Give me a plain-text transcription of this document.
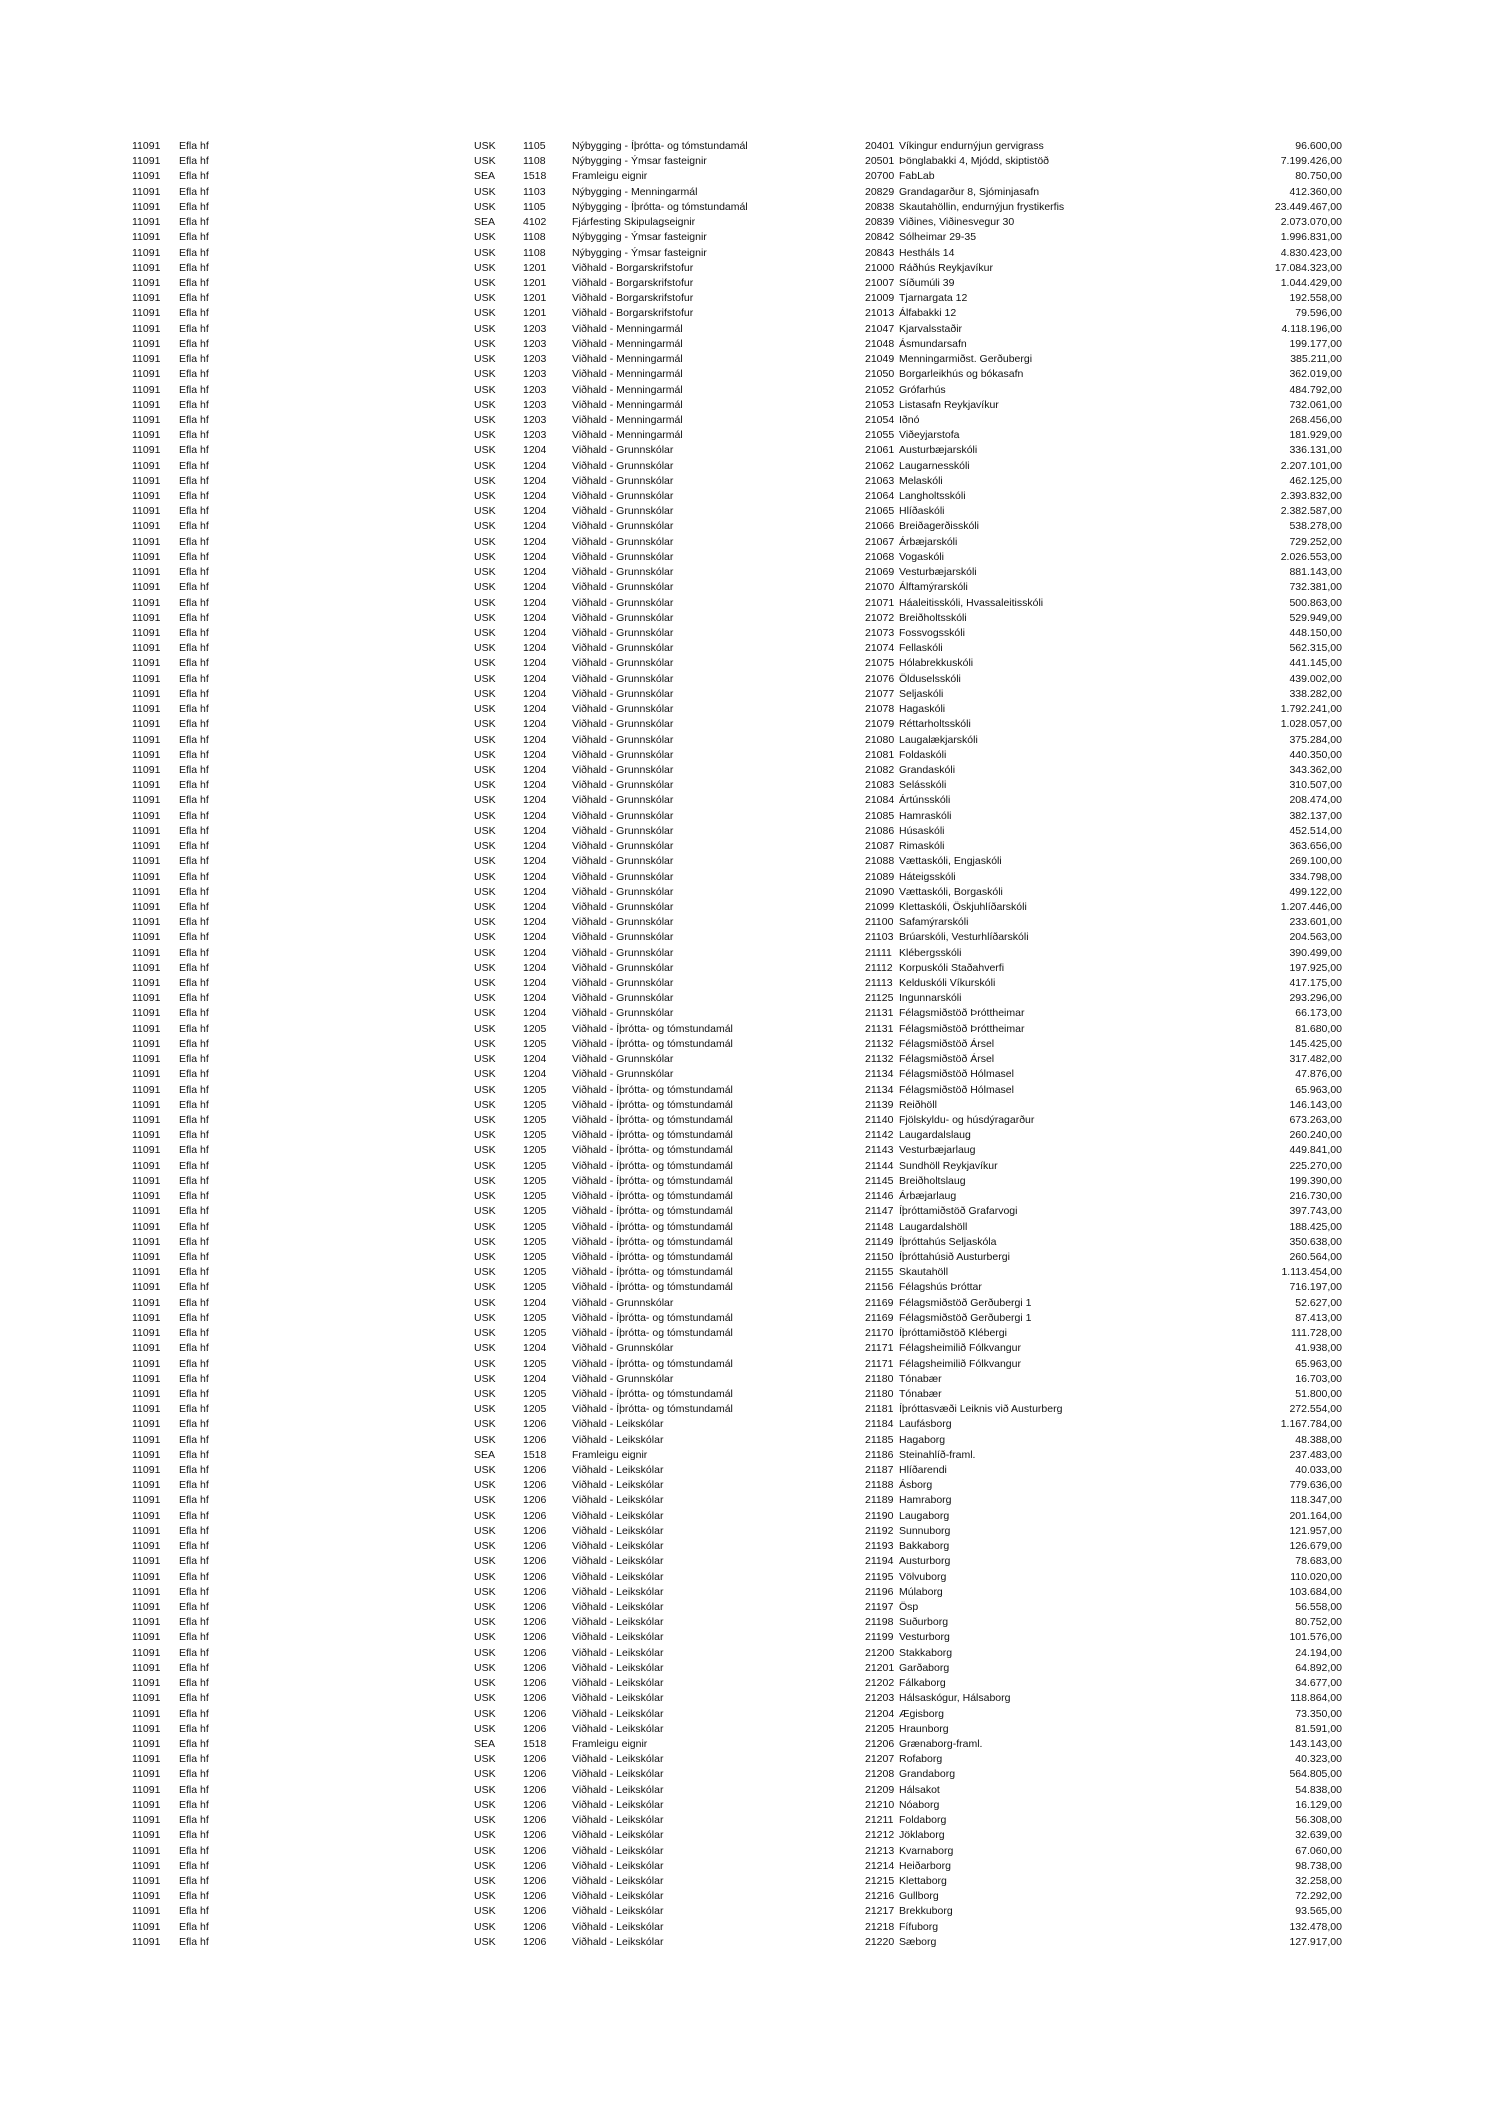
11091 Efla hf	USK	1105	Nýbygging - Íþrótta- og tómstundamál	20401 Víkingur endurnýjun gervigrass	96.600,00
11091 Efla hf	USK	1108	Nýbygging - Ýmsar fasteignir	20501 Þönglabakki 4, Mjódd, skiptistöð	7.199.426,00
11091 Efla hf	SEA	1518 Framleigu eignir	20700 FabLab	80.750,00
11091 Efla hf	USK	1103	Nýbygging - Menningarmál	20829 Grandagarður 8, Sjóminjasafn	412.360,00
11091 Efla hf	USK	1105	Nýbygging - Íþrótta- og tómstundamál	20838 Skautahöllin, endurnýjun frystikerfis	23.449.467,00
11091 Efla hf	SEA	4102 Fjárfesting Skipulagseignir	20839 Viðines, Viðinesvegur 30	2.073.070,00
11091 Efla hf	USK	1108	Nýbygging - Ýmsar fasteignir	20842 Sólheimar 29-35	1.996.831,00
11091 Efla hf	USK	1108	Nýbygging - Ýmsar fasteignir	20843 Hestháls 14	4.830.423,00
11091 Efla hf	USK	1201 Viðhald - Borgarskrifstofur	21000 Ráðhús Reykjavíkur	17.084.323,00
11091 Efla hf	USK	1201 Viðhald - Borgarskrifstofur	21007 Síðumúli 39	1.044.429,00
11091 Efla hf	USK	1201 Viðhald - Borgarskrifstofur	21009 Tjarnargata 12	192.558,00
11091 Efla hf	USK	1201 Viðhald - Borgarskrifstofur	21013 Álfabakki 12	79.596,00
11091 Efla hf	USK	1203 Viðhald - Menningarmál	21047 Kjarvalsstaðir	4.118.196,00
11091 Efla hf	USK	1203 Viðhald - Menningarmál	21048 Ásmundarsafn	199.177,00
11091 Efla hf	USK	1203 Viðhald - Menningarmál	21049 Menningarmiðst. Gerðubergi	385.211,00
11091 Efla hf	USK	1203 Viðhald - Menningarmál	21050 Borgarleikhús og bókasafn	362.019,00
11091 Efla hf	USK	1203 Viðhald - Menningarmál	21052 Grófarhús	484.792,00
11091 Efla hf	USK	1203 Viðhald - Menningarmál	21053 Listasafn Reykjavíkur	732.061,00
11091 Efla hf	USK	1203 Viðhald - Menningarmál	21054 Iðnó	268.456,00
11091 Efla hf	USK	1203 Viðhald - Menningarmál	21055 Viðeyjarstofa	181.929,00
11091 Efla hf	USK	1204 Viðhald - Grunnskólar	21061 Austurbæjarskóli	336.131,00
11091 Efla hf	USK	1204 Viðhald - Grunnskólar	21062 Laugarnesskóli	2.207.101,00
11091 Efla hf	USK	1204 Viðhald - Grunnskólar	21063 Melaskóli	462.125,00
11091 Efla hf	USK	1204 Viðhald - Grunnskólar	21064 Langholtsskóli	2.393.832,00
11091 Efla hf	USK	1204 Viðhald - Grunnskólar	21065 Hlíðaskóli	2.382.587,00
11091 Efla hf	USK	1204 Viðhald - Grunnskólar	21066 Breiðagerðisskóli	538.278,00
11091 Efla hf	USK	1204 Viðhald - Grunnskólar	21067 Árbæjarskóli	729.252,00
11091 Efla hf	USK	1204 Viðhald - Grunnskólar	21068 Vogaskóli	2.026.553,00
11091 Efla hf	USK	1204 Viðhald - Grunnskólar	21069 Vesturbæjarskóli	881.143,00
11091 Efla hf	USK	1204 Viðhald - Grunnskólar	21070 Álftamýrarskóli	732.381,00
11091 Efla hf	USK	1204 Viðhald - Grunnskólar	21071 Háaleitisskóli, Hvassaleitisskóli	500.863,00
11091 Efla hf	USK	1204 Viðhald - Grunnskólar	21072 Breiðholtsskóli	529.949,00
11091 Efla hf	USK	1204 Viðhald - Grunnskólar	21073 Fossvogsskóli	448.150,00
11091 Efla hf	USK	1204 Viðhald - Grunnskólar	21074 Fellaskóli	562.315,00
11091 Efla hf	USK	1204 Viðhald - Grunnskólar	21075 Hólabrekkuskóli	441.145,00
11091 Efla hf	USK	1204 Viðhald - Grunnskólar	21076 Ölduselsskóli	439.002,00
11091 Efla hf	USK	1204 Viðhald - Grunnskólar	21077 Seljaskóli	338.282,00
11091 Efla hf	USK	1204 Viðhald - Grunnskólar	21078 Hagaskóli	1.792.241,00
11091 Efla hf	USK	1204 Viðhald - Grunnskólar	21079 Réttarholtsskóli	1.028.057,00
11091 Efla hf	USK	1204 Viðhald - Grunnskólar	21080 Laugalækjarskóli	375.284,00
11091 Efla hf	USK	1204 Viðhald - Grunnskólar	21081 Foldaskóli	440.350,00
11091 Efla hf	USK	1204 Viðhald - Grunnskólar	21082 Grandaskóli	343.362,00
11091 Efla hf	USK	1204 Viðhald - Grunnskólar	21083 Selásskóli	310.507,00
11091 Efla hf	USK	1204 Viðhald - Grunnskólar	21084 Ártúnsskóli	208.474,00
11091 Efla hf	USK	1204 Viðhald - Grunnskólar	21085 Hamraskóli	382.137,00
11091 Efla hf	USK	1204 Viðhald - Grunnskólar	21086 Húsaskóli	452.514,00
11091 Efla hf	USK	1204 Viðhald - Grunnskólar	21087 Rimaskóli	363.656,00
11091 Efla hf	USK	1204 Viðhald - Grunnskólar	21088 Vættaskóli, Engjaskóli	269.100,00
11091 Efla hf	USK	1204 Viðhald - Grunnskólar	21089 Háteigsskóli	334.798,00
11091 Efla hf	USK	1204 Viðhald - Grunnskólar	21090 Vættaskóli, Borgaskóli	499.122,00
11091 Efla hf	USK	1204 Viðhald - Grunnskólar	21099 Klettaskóli, Öskjuhlíðarskóli	1.207.446,00
11091 Efla hf	USK	1204 Viðhald - Grunnskólar	21100 Safamýrarskóli	233.601,00
11091 Efla hf	USK	1204 Viðhald - Grunnskólar	21103 Brúarskóli, Vesturhlíðarskóli	204.563,00
11091 Efla hf	USK	1204 Viðhald - Grunnskólar	21111 Klébergsskóli	390.499,00
11091 Efla hf	USK	1204 Viðhald - Grunnskólar	21112 Korpuskóli Staðahverfi	197.925,00
11091 Efla hf	USK	1204 Viðhald - Grunnskólar	21113 Kelduskóli Víkurskóli	417.175,00
11091 Efla hf	USK	1204 Viðhald - Grunnskólar	21125 Ingunnarskóli	293.296,00
11091 Efla hf	USK	1204 Viðhald - Grunnskólar	21131 Félagsmiðstöð Þróttheimar	66.173,00
11091 Efla hf	USK	1205 Viðhald - Íþrótta- og tómstundamál	21131 Félagsmiðstöð Þróttheimar	81.680,00
11091 Efla hf	USK	1205 Viðhald - Íþrótta- og tómstundamál	21132 Félagsmiðstöð Ársel	145.425,00
11091 Efla hf	USK	1204 Viðhald - Grunnskólar	21132 Félagsmiðstöð Ársel	317.482,00
11091 Efla hf	USK	1204 Viðhald - Grunnskólar	21134 Félagsmiðstöð Hólmasel	47.876,00
11091 Efla hf	USK	1205 Viðhald - Íþrótta- og tómstundamál	21134 Félagsmiðstöð Hólmasel	65.963,00
11091 Efla hf	USK	1205 Viðhald - Íþrótta- og tómstundamál	21139 Reiðhöll	146.143,00
11091 Efla hf	USK	1205 Viðhald - Íþrótta- og tómstundamál	21140 Fjölskyldu- og húsdýragarður	673.263,00
11091 Efla hf	USK	1205 Viðhald - Íþrótta- og tómstundamál	21142 Laugardalslaug	260.240,00
11091 Efla hf	USK	1205 Viðhald - Íþrótta- og tómstundamál	21143 Vesturbæjarlaug	449.841,00
11091 Efla hf	USK	1205 Viðhald - Íþrótta- og tómstundamál	21144 Sundhöll Reykjavíkur	225.270,00
11091 Efla hf	USK	1205 Viðhald - Íþrótta- og tómstundamál	21145 Breiðholtslaug	199.390,00
11091 Efla hf	USK	1205 Viðhald - Íþrótta- og tómstundamál	21146 Árbæjarlaug	216.730,00
11091 Efla hf	USK	1205 Viðhald - Íþrótta- og tómstundamál	21147 Íþróttamiðstöð Grafarvogi	397.743,00
11091 Efla hf	USK	1205 Viðhald - Íþrótta- og tómstundamál	21148 Laugardalshöll	188.425,00
11091 Efla hf	USK	1205 Viðhald - Íþrótta- og tómstundamál	21149 Íþróttahús Seljaskóla	350.638,00
11091 Efla hf	USK	1205 Viðhald - Íþrótta- og tómstundamál	21150 Íþróttahúsið Austurbergi	260.564,00
11091 Efla hf	USK	1205 Viðhald - Íþrótta- og tómstundamál	21155 Skautahöll	1.113.454,00
11091 Efla hf	USK	1205 Viðhald - Íþrótta- og tómstundamál	21156 Félagshús Þróttar	716.197,00
11091 Efla hf	USK	1204 Viðhald - Grunnskólar	21169 Félagsmiðstöð Gerðubergi 1	52.627,00
11091 Efla hf	USK	1205 Viðhald - Íþrótta- og tómstundamál	21169 Félagsmiðstöð Gerðubergi 1	87.413,00
11091 Efla hf	USK	1205 Viðhald - Íþrótta- og tómstundamál	21170 Íþróttamiðstöð Klébergi	111.728,00
11091 Efla hf	USK	1204 Viðhald - Grunnskólar	21171 Félagsheimilið Fólkvangur	41.938,00
11091 Efla hf	USK	1205 Viðhald - Íþrótta- og tómstundamál	21171 Félagsheimilið Fólkvangur	65.963,00
11091 Efla hf	USK	1204 Viðhald - Grunnskólar	21180 Tónabær	16.703,00
11091 Efla hf	USK	1205 Viðhald - Íþrótta- og tómstundamál	21180 Tónabær	51.800,00
11091 Efla hf	USK	1205 Viðhald - Íþrótta- og tómstundamál	21181 Íþróttasvæði Leiknis við Austurberg	272.554,00
11091 Efla hf	USK	1206 Viðhald - Leikskólar	21184 Laufásborg	1.167.784,00
11091 Efla hf	USK	1206 Viðhald - Leikskólar	21185 Hagaborg	48.388,00
11091 Efla hf	SEA	1518 Framleigu eignir	21186 Steinahlíð-framl.	237.483,00
11091 Efla hf	USK	1206 Viðhald - Leikskólar	21187 Hlíðarendi	40.033,00
11091 Efla hf	USK	1206 Viðhald - Leikskólar	21188 Ásborg	779.636,00
11091 Efla hf	USK	1206 Viðhald - Leikskólar	21189 Hamraborg	118.347,00
11091 Efla hf	USK	1206 Viðhald - Leikskólar	21190 Laugaborg	201.164,00
11091 Efla hf	USK	1206 Viðhald - Leikskólar	21192 Sunnuborg	121.957,00
11091 Efla hf	USK	1206 Viðhald - Leikskólar	21193 Bakkaborg	126.679,00
11091 Efla hf	USK	1206 Viðhald - Leikskólar	21194 Austurborg	78.683,00
11091 Efla hf	USK	1206 Viðhald - Leikskólar	21195 Völvuborg	110.020,00
11091 Efla hf	USK	1206 Viðhald - Leikskólar	21196 Múlaborg	103.684,00
11091 Efla hf	USK	1206 Viðhald - Leikskólar	21197 Ösp	56.558,00
11091 Efla hf	USK	1206 Viðhald - Leikskólar	21198 Suðurborg	80.752,00
11091 Efla hf	USK	1206 Viðhald - Leikskólar	21199 Vesturborg	101.576,00
11091 Efla hf	USK	1206 Viðhald - Leikskólar	21200 Stakkaborg	24.194,00
11091 Efla hf	USK	1206 Viðhald - Leikskólar	21201 Garðaborg	64.892,00
11091 Efla hf	USK	1206 Viðhald - Leikskólar	21202 Fálkaborg	34.677,00
11091 Efla hf	USK	1206 Viðhald - Leikskólar	21203 Hálsaskógur, Hálsaborg	118.864,00
11091 Efla hf	USK	1206 Viðhald - Leikskólar	21204 Ægisborg	73.350,00
11091 Efla hf	USK	1206 Viðhald - Leikskólar	21205 Hraunborg	81.591,00
11091 Efla hf	SEA	1518 Framleigu eignir	21206 Grænaborg-framl.	143.143,00
11091 Efla hf	USK	1206 Viðhald - Leikskólar	21207 Rofaborg	40.323,00
11091 Efla hf	USK	1206 Viðhald - Leikskólar	21208 Grandaborg	564.805,00
11091 Efla hf	USK	1206 Viðhald - Leikskólar	21209 Hálsakot	54.838,00
11091 Efla hf	USK	1206 Viðhald - Leikskólar	21210 Nóaborg	16.129,00
11091 Efla hf	USK	1206 Viðhald - Leikskólar	21211 Foldaborg	56.308,00
11091 Efla hf	USK	1206 Viðhald - Leikskólar	21212 Jöklaborg	32.639,00
11091 Efla hf	USK	1206 Viðhald - Leikskólar	21213 Kvarnaborg	67.060,00
11091 Efla hf	USK	1206 Viðhald - Leikskólar	21214 Heiðarborg	98.738,00
11091 Efla hf	USK	1206 Viðhald - Leikskólar	21215 Klettaborg	32.258,00
11091 Efla hf	USK	1206 Viðhald - Leikskólar	21216 Gullborg	72.292,00
11091 Efla hf	USK	1206 Viðhald - Leikskólar	21217 Brekkuborg	93.565,00
11091 Efla hf	USK	1206 Viðhald - Leikskólar	21218 Fífuborg	132.478,00
11091 Efla hf	USK	1206 Viðhald - Leikskólar	21220 Sæborg	127.917,00
